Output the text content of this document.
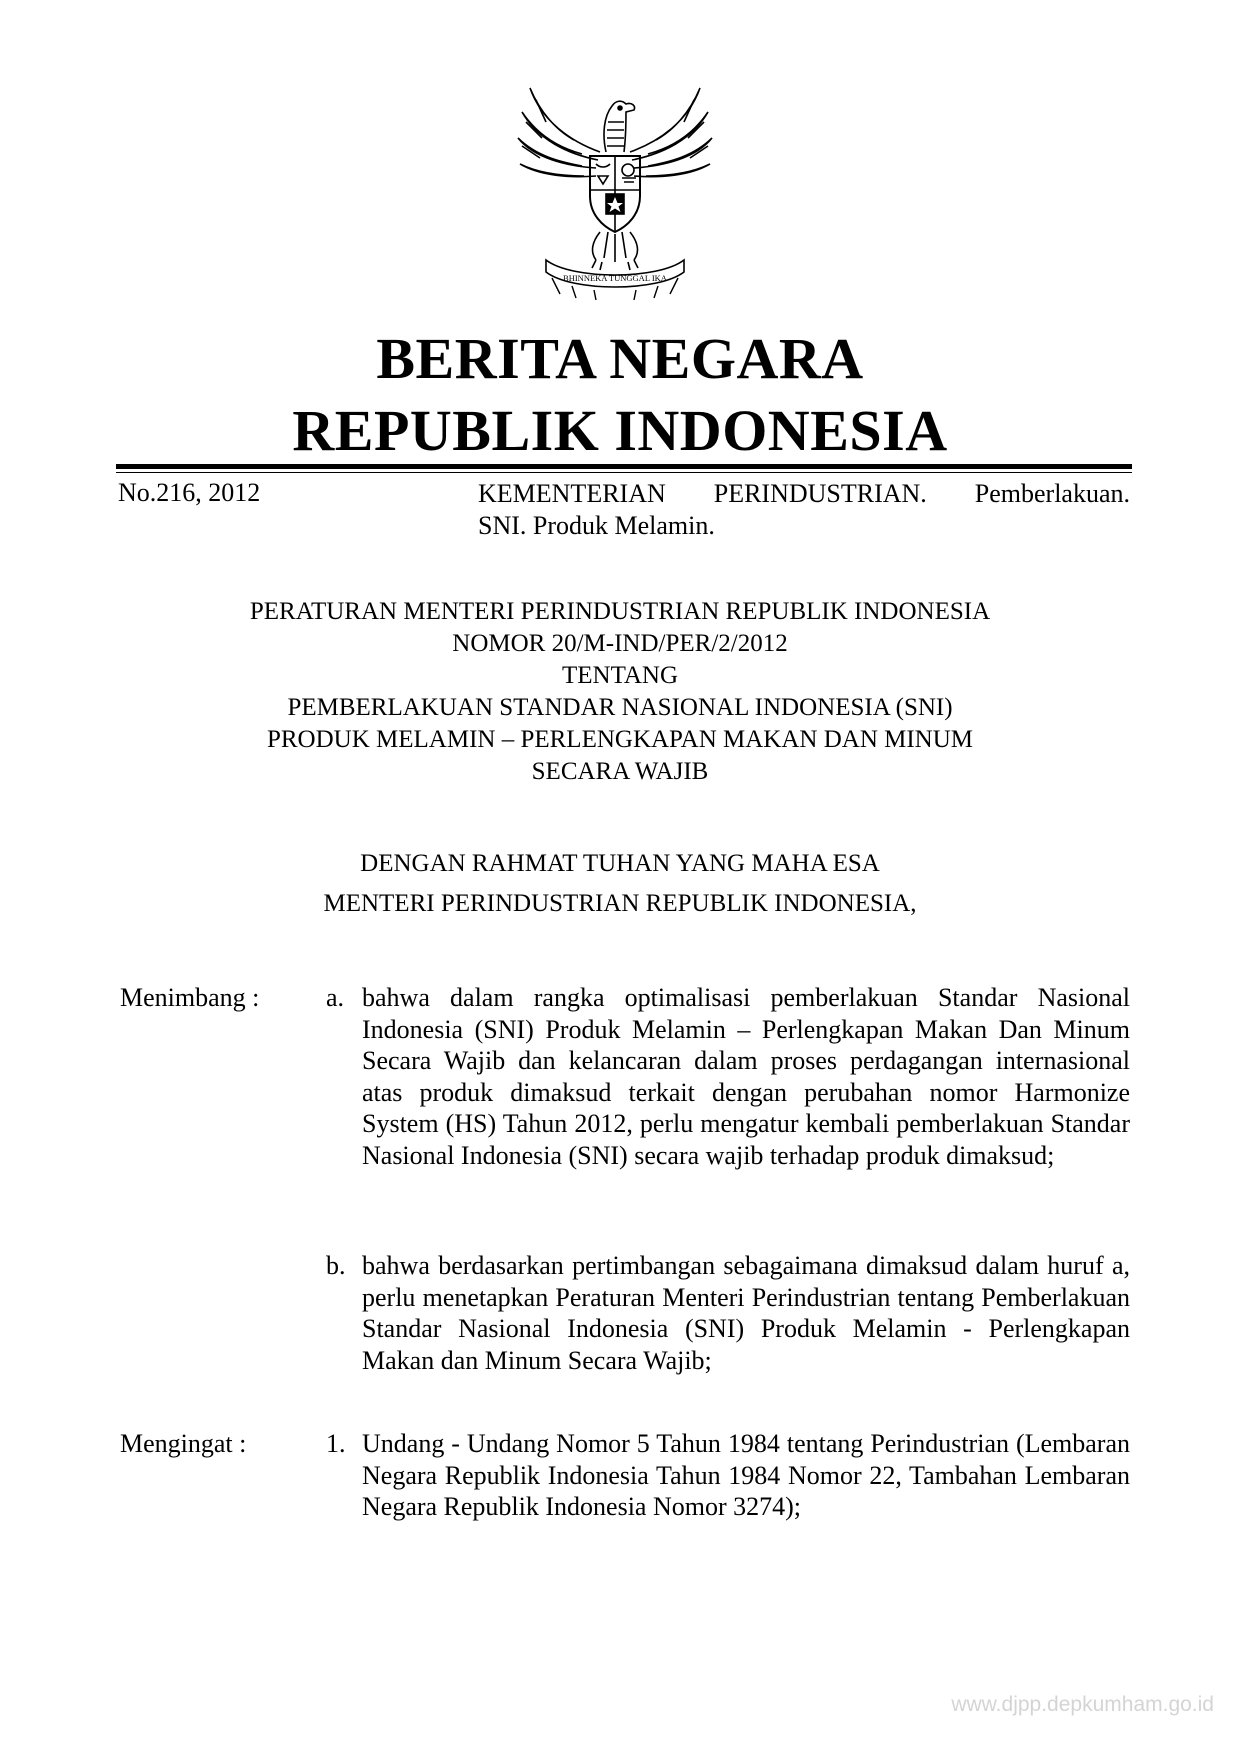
BHINNEKA TUNGGAL IKA
BERITA NEGARA
REPUBLIK INDONESIA
No.216, 2012	KEMENTERIAN PERINDUSTRIAN. Pemberlakuan.
SNI. Produk Melamin.
PERATURAN MENTERI PERINDUSTRIAN REPUBLIK INDONESIA
NOMOR 20/M-IND/PER/2/2012
TENTANG
PEMBERLAKUAN STANDAR NASIONAL INDONESIA (SNI)
PRODUK MELAMIN – PERLENGKAPAN MAKAN DAN MINUM
SECARA WAJIB
DENGAN RAHMAT TUHAN YANG MAHA ESA
MENTERI PERINDUSTRIAN REPUBLIK INDONESIA,
Menimbang :	a. bahwa dalam rangka optimalisasi pemberlakuan Standar Nasional Indonesia (SNI) Produk Melamin – Perlengkapan Makan Dan Minum Secara Wajib dan kelancaran dalam proses perdagangan internasional atas produk dimaksud terkait dengan perubahan nomor Harmonize System (HS) Tahun 2012, perlu mengatur kembali pemberlakuan Standar Nasional Indonesia (SNI) secara wajib terhadap produk dimaksud;
b. bahwa berdasarkan pertimbangan sebagaimana dimaksud dalam huruf a, perlu menetapkan Peraturan Menteri Perindustrian tentang Pemberlakuan Standar Nasional Indonesia (SNI) Produk Melamin - Perlengkapan Makan dan Minum Secara Wajib;
Mengingat :	1. Undang - Undang Nomor 5 Tahun 1984 tentang Perindustrian (Lembaran Negara Republik Indonesia Tahun 1984 Nomor 22, Tambahan Lembaran Negara Republik Indonesia Nomor 3274);
www.djpp.depkumham.go.id
